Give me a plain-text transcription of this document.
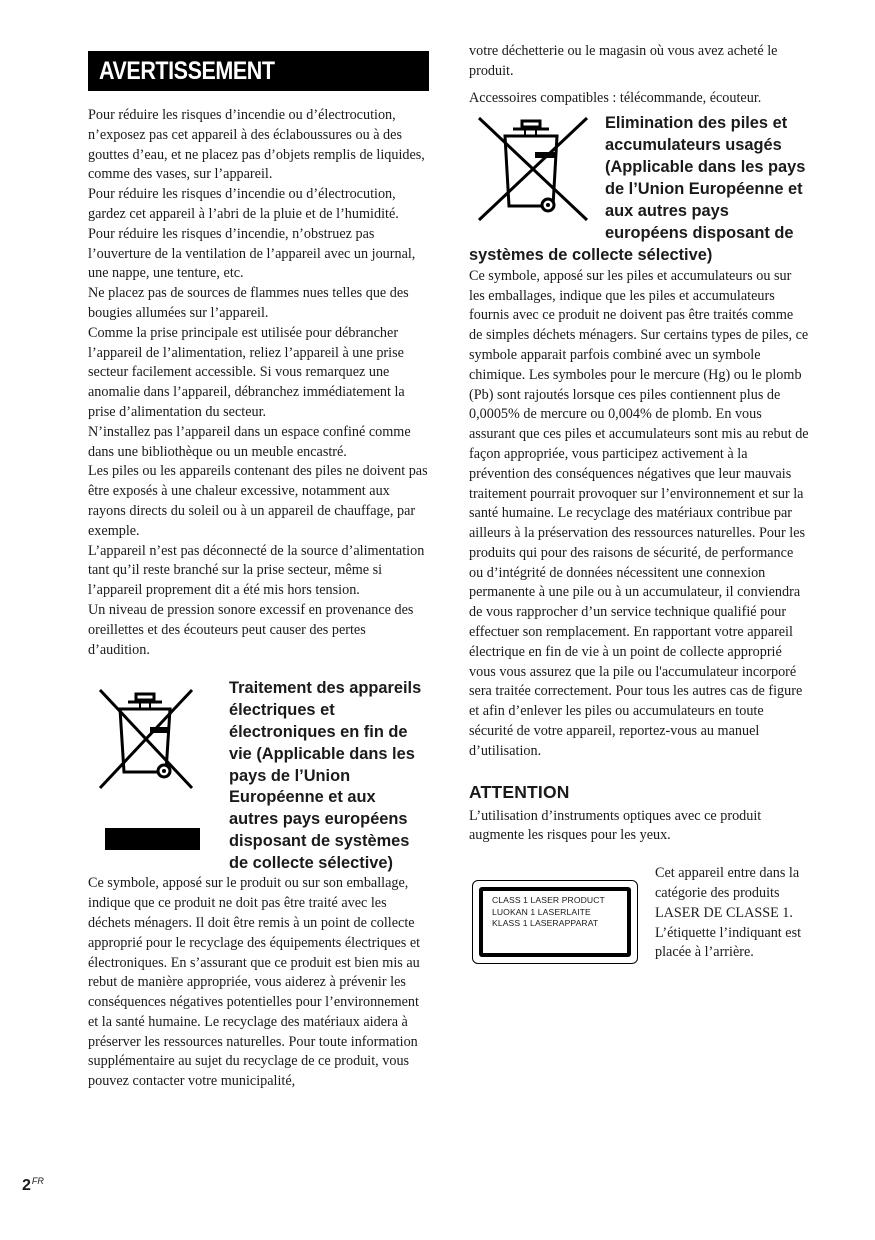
AVERTISSEMENT

Pour réduire les risques d’incendie ou d’électrocution, n’exposez pas cet appareil à des éclaboussures ou à des gouttes d’eau, et ne placez pas d’objets remplis de liquides, comme des vases, sur l’appareil.

Pour réduire les risques d’incendie ou d’électrocution, gardez cet appareil à l’abri de la pluie et de l’humidité.

Pour réduire les risques d’incendie, n’obstruez pas l’ouverture de la ventilation de l’appareil avec un journal, une nappe, une tenture, etc.

Ne placez pas de sources de flammes nues telles que des bougies allumées sur l’appareil.

Comme la prise principale est utilisée pour débrancher l’appareil de l’alimentation, reliez l’appareil à une prise secteur facilement accessible. Si vous remarquez une anomalie dans l’appareil, débranchez immédiatement la prise d’alimentation du secteur.

N’installez pas l’appareil dans un espace confiné comme dans une bibliothèque ou un meuble encastré.

Les piles ou les appareils contenant des piles ne doivent pas être exposés à une chaleur excessive, notamment aux rayons directs du soleil ou à un appareil de chauffage, par exemple.

L’appareil n’est pas déconnecté de la source d’alimentation tant qu’il reste branché sur la prise secteur, même si l’appareil proprement dit a été mis hors tension.

Un niveau de pression sonore excessif en provenance des oreillettes et des écouteurs peut causer des pertes d’audition.

Traitement des appareils électriques et électroniques en fin de vie (Applicable dans les pays de l’Union Européenne et aux autres pays européens disposant de systèmes de collecte sélective)

Ce symbole, apposé sur le produit ou sur son emballage, indique que ce produit ne doit pas être traité avec les déchets ménagers. Il doit être remis à un point de collecte approprié pour le recyclage des équipements électriques et électroniques. En s’assurant que ce produit est bien mis au rebut de manière appropriée, vous aiderez à prévenir les conséquences négatives potentielles pour l’environnement et la santé humaine. Le recyclage des matériaux aidera à préserver les ressources naturelles. Pour toute information supplémentaire au sujet du recyclage de ce produit, vous pouvez contacter votre municipalité,

votre déchetterie ou le magasin où vous avez acheté le produit.

Accessoires compatibles : télécommande, écouteur.

Elimination des piles et accumulateurs usagés (Applicable dans les pays de l’Union Européenne et aux autres pays européens disposant de systèmes de collecte sélective)

Ce symbole, apposé sur les piles et accumulateurs ou sur les emballages, indique que les piles et accumulateurs fournis avec ce produit ne doivent pas être traités comme de simples déchets ménagers. Sur certains types de piles, ce symbole apparait parfois combiné avec un symbole chimique. Les symboles pour le mercure (Hg) ou le plomb (Pb) sont rajoutés lorsque ces piles contiennent plus de 0,0005% de mercure ou 0,004% de plomb. En vous assurant que ces piles et accumulateurs sont mis au rebut de façon appropriée, vous participez activement à la prévention des conséquences négatives que leur mauvais traitement pourrait provoquer sur l’environnement et sur la santé humaine. Le recyclage des matériaux contribue par ailleurs à la préservation des ressources naturelles. Pour les produits qui pour des raisons de sécurité, de performance ou d’intégrité de données nécessitent une connexion permanente à une pile ou à un accumulateur, il conviendra de vous rapprocher d’un service technique qualifié pour effectuer son remplacement. En rapportant votre appareil électrique en fin de vie à un point de collecte approprié vous vous assurez que la pile ou l'accumulateur incorporé sera traitée correctement. Pour tous les autres cas de figure et afin d’enlever les piles ou accumulateurs en toute sécurité de votre appareil, reportez-vous au manuel d’utilisation.

ATTENTION

L’utilisation d’instruments optiques avec ce produit augmente les risques pour les yeux.

CLASS 1 LASER PRODUCT
LUOKAN 1 LASERLAITE
KLASS 1 LASERAPPARAT

Cet appareil entre dans la catégorie des produits LASER DE CLASSE 1. L’étiquette l’indiquant est placée à l’arrière.

$2^{FR}$
